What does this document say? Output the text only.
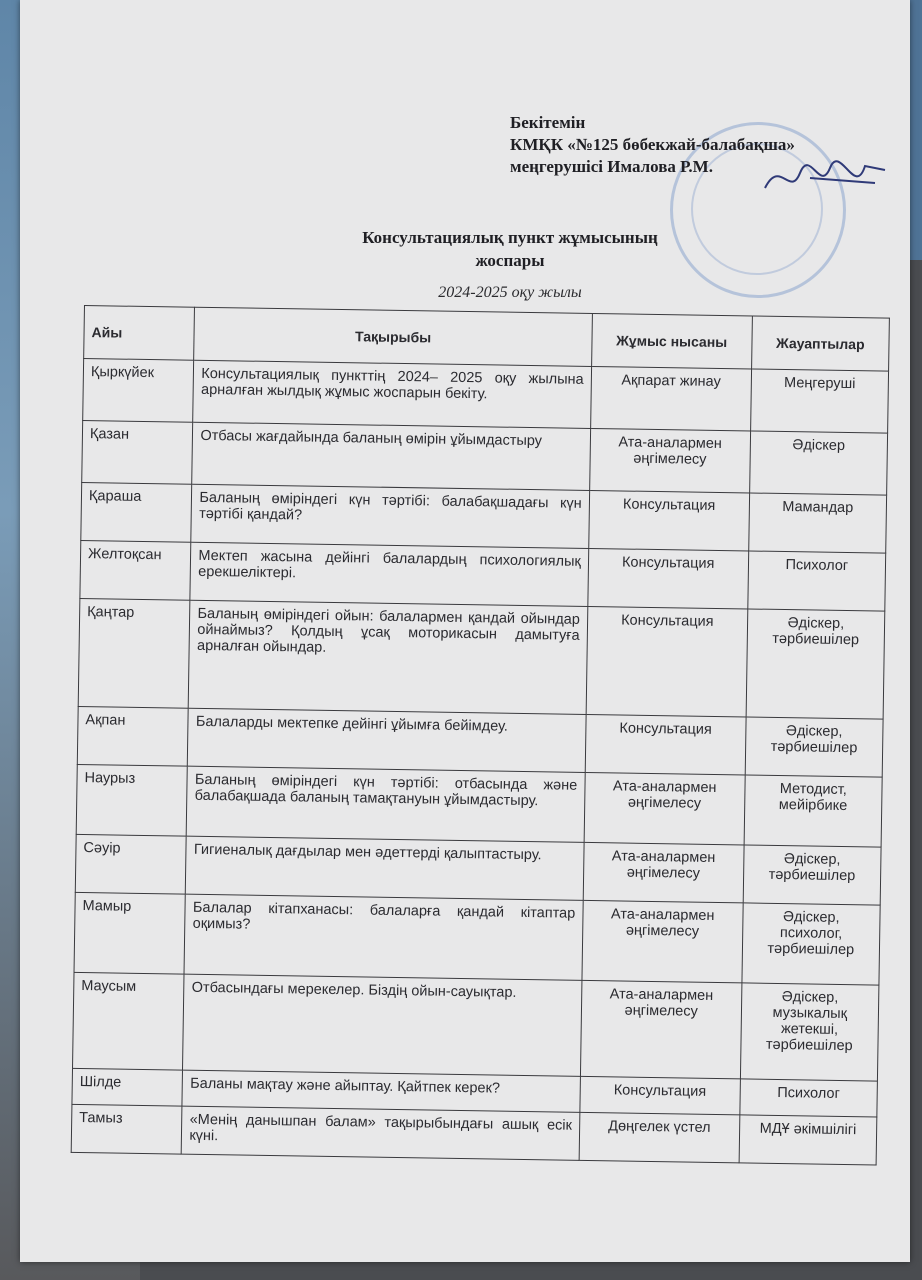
Бекітемін
КМҚК «№125 бөбекжай-балабақша»
меңгерушісі Ималова Р.М.
Консультациялық пункт жұмысының
жоспары
2024-2025 оқу жылы
Айы	Тақырыбы	Жұмыс нысаны	Жауаптылар
Қыркүйек	Консультациялық пункттің 2024– 2025 оқу жылына арналған жылдық жұмыс жоспарын бекіту.	Ақпарат жинау	Меңгеруші
Қазан	Отбасы жағдайында баланың өмірін ұйымдастыру	Ата-аналармен әңгімелесу	Әдіскер
Қараша	Баланың өміріндегі күн тәртібі: балабақшадағы күн тәртібі қандай?	Консультация	Мамандар
Желтоқсан	Мектеп жасына дейінгі балалардың психологиялық ерекшеліктері.	Консультация	Психолог
Қаңтар	Баланың өміріндегі ойын: балалармен қандай ойындар ойнаймыз? Қолдың ұсақ моторикасын дамытуға арналған ойындар.	Консультация	Әдіскер, тәрбиешілер
Ақпан	Балаларды мектепке дейінгі ұйымға бейімдеу.	Консультация	Әдіскер, тәрбиешілер
Наурыз	Баланың өміріндегі күн тәртібі: отбасында және балабақшада баланың тамақтануын ұйымдастыру.	Ата-аналармен әңгімелесу	Методист, мейірбике
Сәуір	Гигиеналық дағдылар мен әдеттерді қалыптастыру.	Ата-аналармен әңгімелесу	Әдіскер, тәрбиешілер
Мамыр	Балалар кітапханасы: балаларға қандай кітаптар оқимыз?	Ата-аналармен әңгімелесу	Әдіскер, психолог, тәрбиешілер
Маусым	Отбасындағы мерекелер. Біздің ойын-сауықтар.	Ата-аналармен әңгімелесу	Әдіскер, музыкалық жетекші, тәрбиешілер
Шілде	Баланы мақтау және айыптау. Қайтпек керек?	Консультация	Психолог
Тамыз	«Менің данышпан балам» тақырыбындағы ашық есік күні.	Дөңгелек үстел	МДҰ әкімшілігі
